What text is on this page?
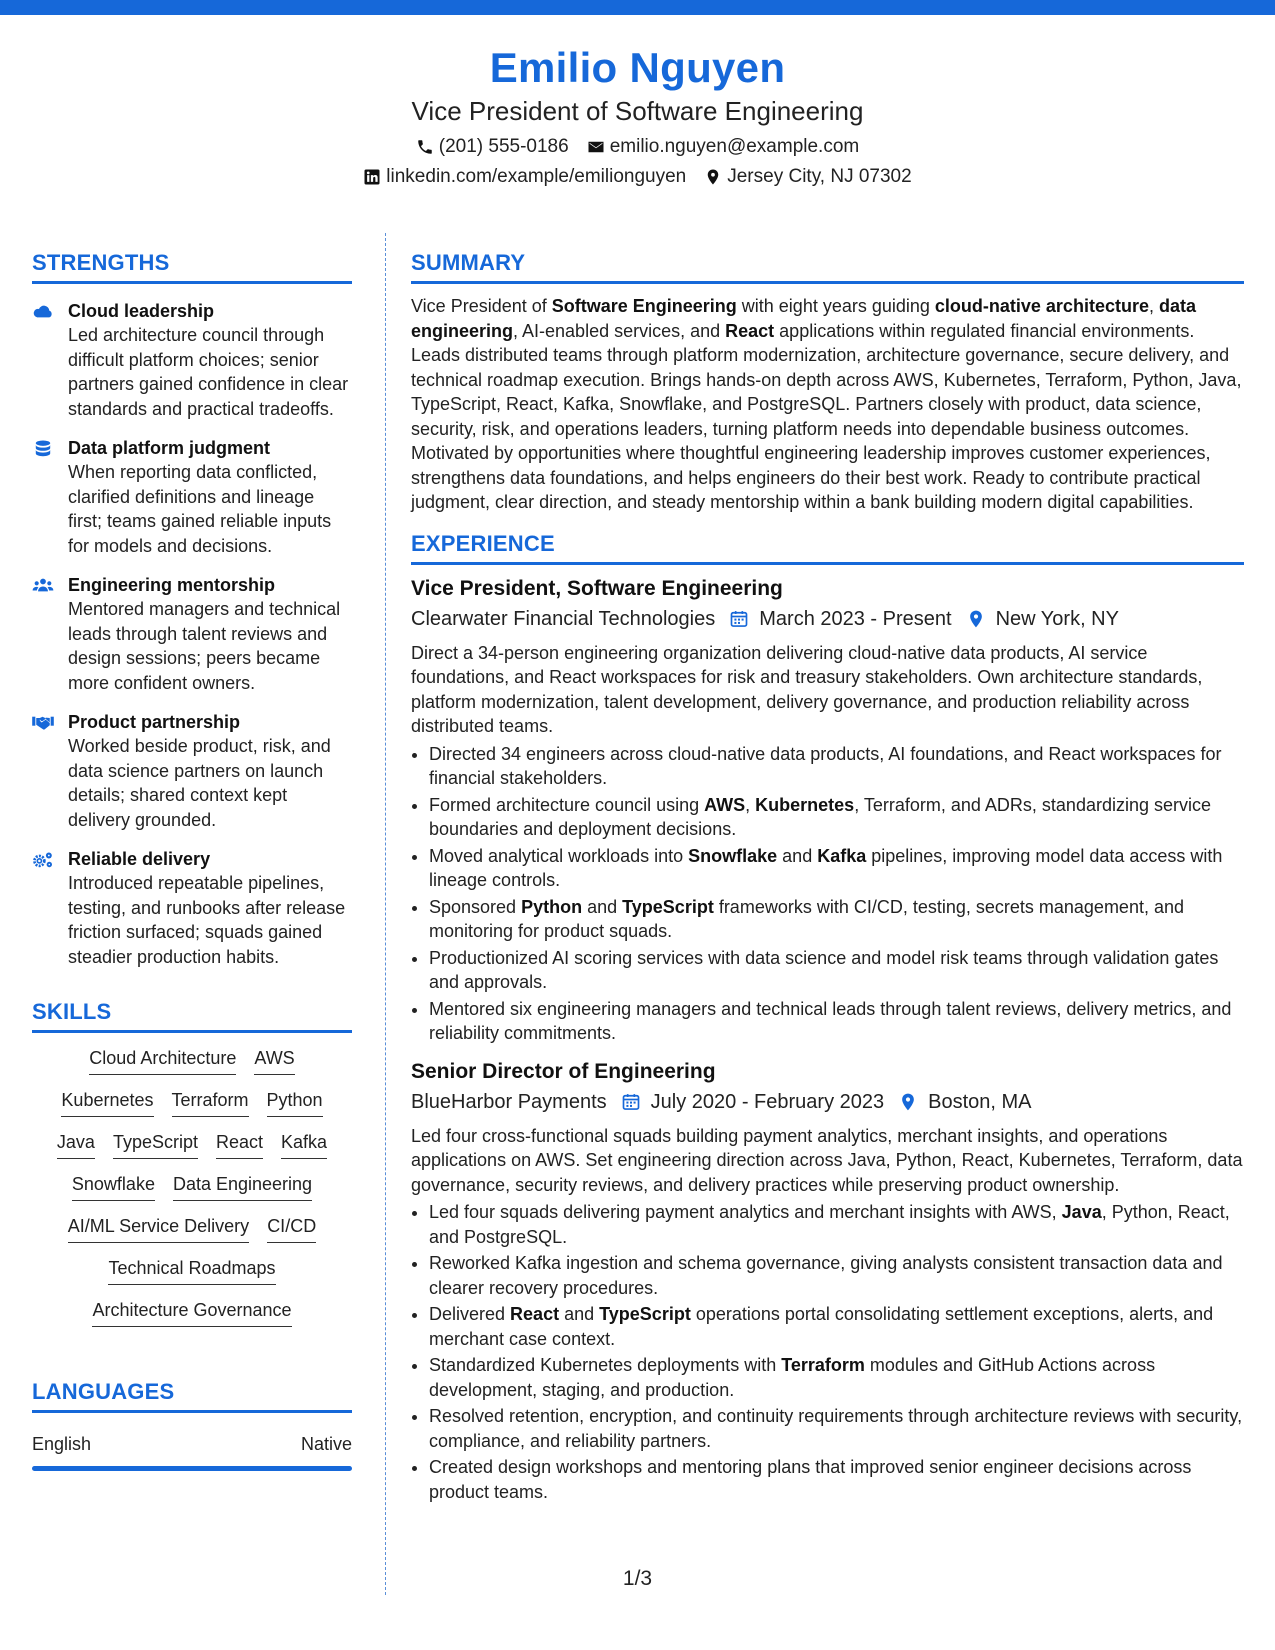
Emilio Nguyen
Vice President of Software Engineering
(201) 555-0186 emilio.nguyen@example.com
linkedin.com/example/emilionguyen Jersey City, NJ 07302
STRENGTHS
Cloud leadership
Led architecture council through difficult platform choices; senior partners gained confidence in clear standards and practical tradeoffs.
Data platform judgment
When reporting data conflicted, clarified definitions and lineage first; teams gained reliable inputs for models and decisions.
Engineering mentorship
Mentored managers and technical leads through talent reviews and design sessions; peers became more confident owners.
Product partnership
Worked beside product, risk, and data science partners on launch details; shared context kept delivery grounded.
Reliable delivery
Introduced repeatable pipelines, testing, and runbooks after release friction surfaced; squads gained steadier production habits.
SKILLS
Cloud Architecture AWS
Kubernetes Terraform Python
Java TypeScript React Kafka
Snowflake Data Engineering
AI/ML Service Delivery CI/CD
Technical Roadmaps
Architecture Governance
LANGUAGES
English	Native
SUMMARY
Vice President of Software Engineering with eight years guiding cloud-native architecture, data engineering, AI-enabled services, and React applications within regulated financial environments. Leads distributed teams through platform modernization, architecture governance, secure delivery, and technical roadmap execution. Brings hands-on depth across AWS, Kubernetes, Terraform, Python, Java, TypeScript, React, Kafka, Snowflake, and PostgreSQL. Partners closely with product, data science, security, risk, and operations leaders, turning platform needs into dependable business outcomes. Motivated by opportunities where thoughtful engineering leadership improves customer experiences, strengthens data foundations, and helps engineers do their best work. Ready to contribute practical judgment, clear direction, and steady mentorship within a bank building modern digital capabilities.
EXPERIENCE
Vice President, Software Engineering
Clearwater Financial Technologies March 2023 - Present New York, NY
Direct a 34-person engineering organization delivering cloud-native data products, AI service foundations, and React workspaces for risk and treasury stakeholders. Own architecture standards, platform modernization, talent development, delivery governance, and production reliability across distributed teams.
• Directed 34 engineers across cloud-native data products, AI foundations, and React workspaces for financial stakeholders.
• Formed architecture council using AWS, Kubernetes, Terraform, and ADRs, standardizing service boundaries and deployment decisions.
• Moved analytical workloads into Snowflake and Kafka pipelines, improving model data access with lineage controls.
• Sponsored Python and TypeScript frameworks with CI/CD, testing, secrets management, and monitoring for product squads.
• Productionized AI scoring services with data science and model risk teams through validation gates and approvals.
• Mentored six engineering managers and technical leads through talent reviews, delivery metrics, and reliability commitments.
Senior Director of Engineering
BlueHarbor Payments July 2020 - February 2023 Boston, MA
Led four cross-functional squads building payment analytics, merchant insights, and operations applications on AWS. Set engineering direction across Java, Python, React, Kubernetes, Terraform, data governance, security reviews, and delivery practices while preserving product ownership.
• Led four squads delivering payment analytics and merchant insights with AWS, Java, Python, React, and PostgreSQL.
• Reworked Kafka ingestion and schema governance, giving analysts consistent transaction data and clearer recovery procedures.
• Delivered React and TypeScript operations portal consolidating settlement exceptions, alerts, and merchant case context.
• Standardized Kubernetes deployments with Terraform modules and GitHub Actions across development, staging, and production.
• Resolved retention, encryption, and continuity requirements through architecture reviews with security, compliance, and reliability partners.
• Created design workshops and mentoring plans that improved senior engineer decisions across product teams.
1/3
